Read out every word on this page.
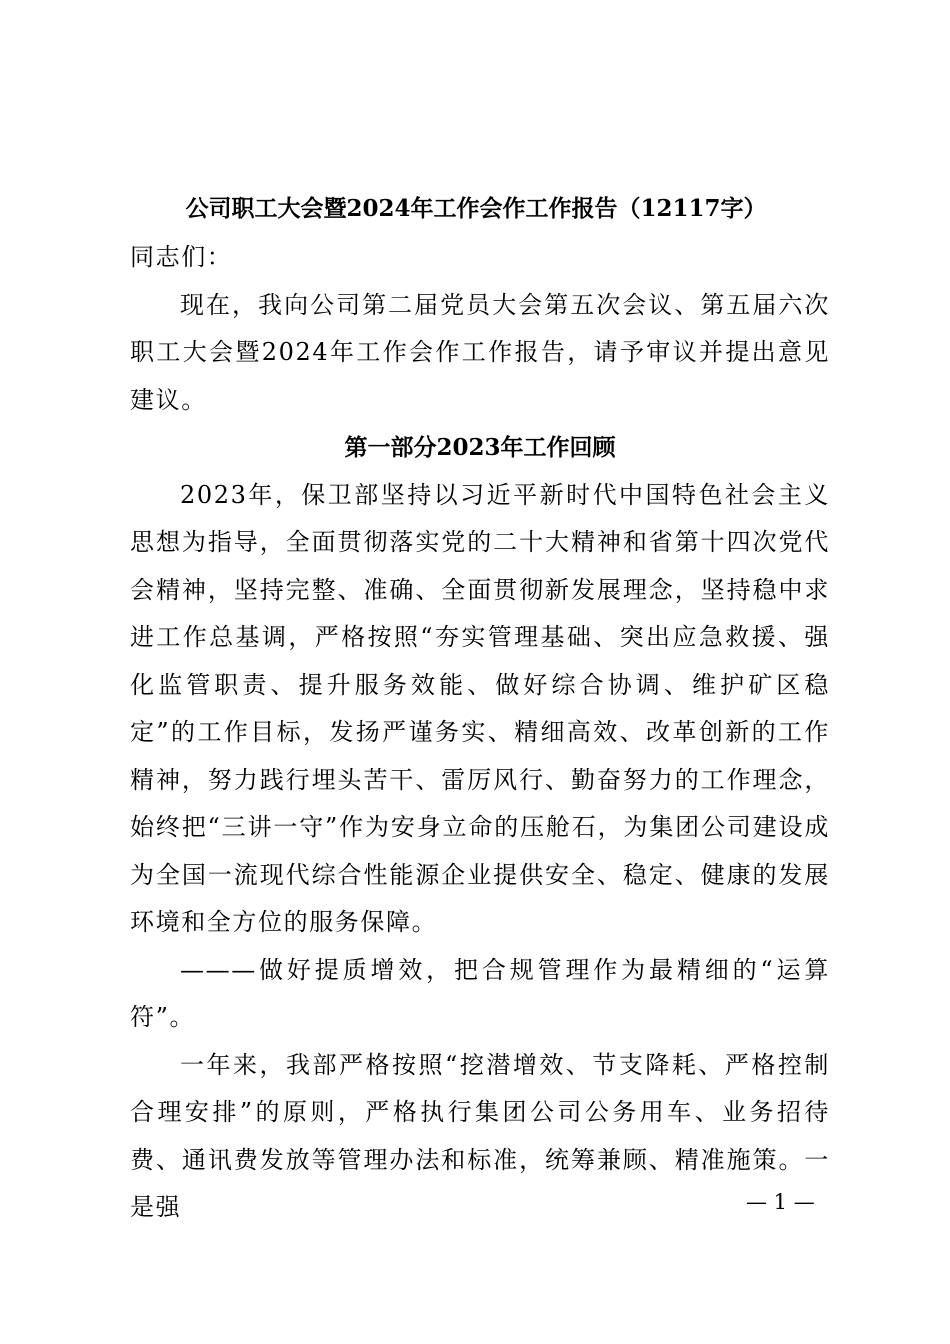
公司职工大会暨2024年工作会作工作报告（12117字）

同志们：

现在，我向公司第二届党员大会第五次会议、第五届六次职工大会暨2024年工作会作工作报告，请予审议并提出意见建议。

第一部分2023年工作回顾

2023年，保卫部坚持以习近平新时代中国特色社会主义思想为指导，全面贯彻落实党的二十大精神和省第十四次党代会精神，坚持完整、准确、全面贯彻新发展理念，坚持稳中求进工作总基调，严格按照“夯实管理基础、突出应急救援、强化监管职责、提升服务效能、做好综合协调、维护矿区稳定”的工作目标，发扬严谨务实、精细高效、改革创新的工作精神，努力践行埋头苦干、雷厉风行、勤奋努力的工作理念，始终把“三讲一守”作为安身立命的压舱石，为集团公司建设成为全国一流现代综合性能源企业提供安全、稳定、健康的发展环境和全方位的服务保障。

———做好提质增效，把合规管理作为最精细的“运算符”。

一年来，我部严格按照“挖潜增效、节支降耗、严格控制合理安排”的原则，严格执行集团公司公务用车、业务招待费、通讯费发放等管理办法和标准，统筹兼顾、精准施策。一是强	— 1 —
